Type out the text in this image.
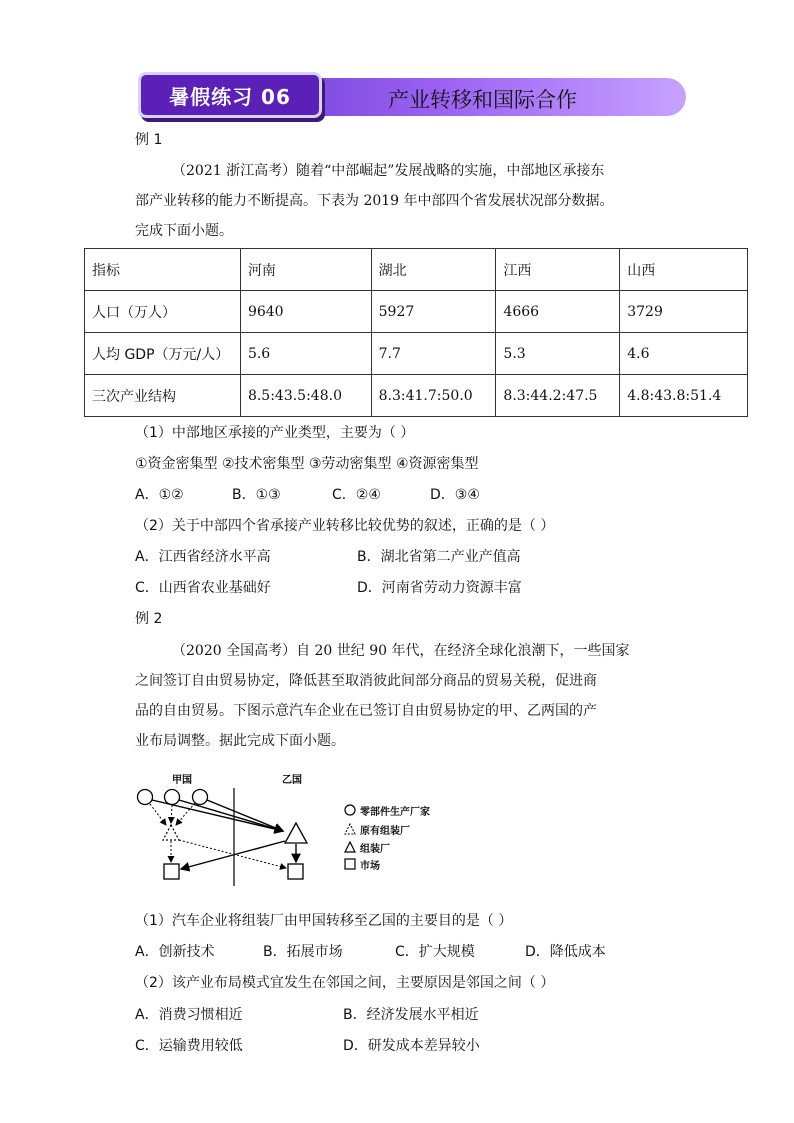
暑假练习 06	产业转移和国际合作
例 1
（2021 浙江高考）随着“中部崛起”发展战略的实施，中部地区承接东
部产业转移的能力不断提高。下表为 2019 年中部四个省发展状况部分数据。
完成下面小题。
指标	河南	湖北	江西	山西
人口（万人）	9640	5927	4666	3729
人均 GDP（万元/人）	5.6	7.7	5.3	4.6
三次产业结构	8.5:43.5:48.0	8.3:41.7:50.0	8.3:44.2:47.5	4.8:43.8:51.4
（1）中部地区承接的产业类型，主要为（ ）
①资金密集型 ②技术密集型 ③劳动密集型 ④资源密集型
A．①②	B．①③	C．②④	D．③④
（2）关于中部四个省承接产业转移比较优势的叙述，正确的是（ ）
A．江西省经济水平高	B．湖北省第二产业产值高
C．山西省农业基础好	D．河南省劳动力资源丰富
例 2
（2020 全国高考）自 20 世纪 90 年代，在经济全球化浪潮下，一些国家
之间签订自由贸易协定，降低甚至取消彼此间部分商品的贸易关税，促进商
品的自由贸易。下图示意汽车企业在已签订自由贸易协定的甲、乙两国的产
业布局调整。据此完成下面小题。
甲国	乙国
零部件生产厂家
原有组装厂
组装厂
市场
（1）汽车企业将组装厂由甲国转移至乙国的主要目的是（ ）
A．创新技术	B．拓展市场	C．扩大规模	D．降低成本
（2）该产业布局模式宜发生在邻国之间，主要原因是邻国之间（ ）
A．消费习惯相近	B．经济发展水平相近
C．运输费用较低	D．研发成本差异较小
